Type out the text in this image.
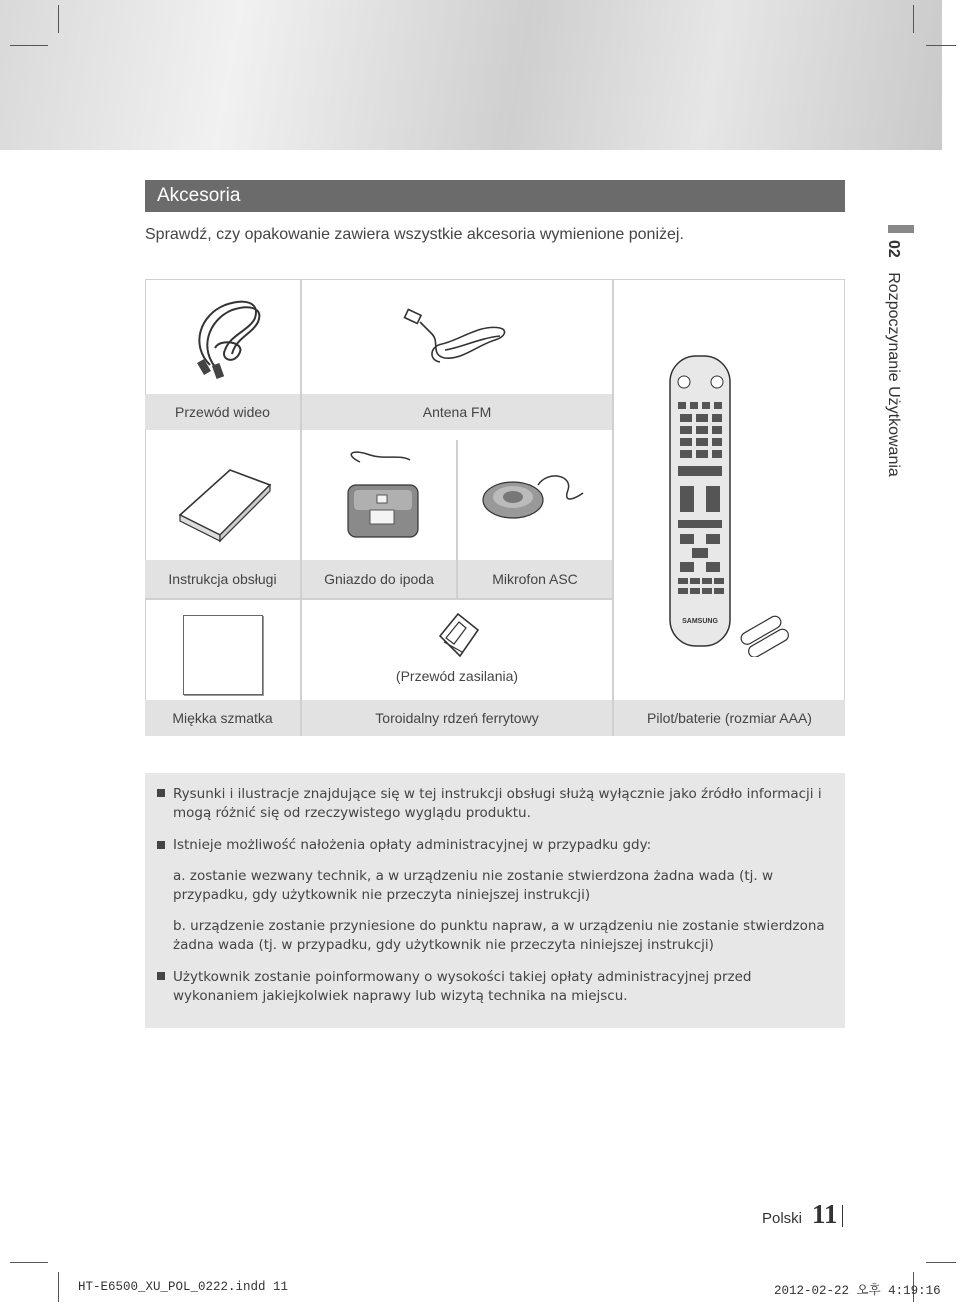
Akcesoria
Sprawdź, czy opakowanie zawiera wszystkie akcesoria wymienione poniżej.
02 Rozpoczynanie Użytkowania
Przewód wideo	Antena FM
Instrukcja obsługi	Gniazdo do ipoda	Mikrofon ASC
Miękka szmatka	Toroidalny rdzeń ferrytowy	Pilot/baterie (rozmiar AAA)
(Przewód zasilania)
SAMSUNG
Rysunki i ilustracje znajdujące się w tej instrukcji obsługi służą wyłącznie jako źródło informacji i mogą różnić się od rzeczywistego wyglądu produktu.
Istnieje możliwość nałożenia opłaty administracyjnej w przypadku gdy:
a. zostanie wezwany technik, a w urządzeniu nie zostanie stwierdzona żadna wada (tj. w przypadku, gdy użytkownik nie przeczyta niniejszej instrukcji)
b. urządzenie zostanie przyniesione do punktu napraw, a w urządzeniu nie zostanie stwierdzona żadna wada (tj. w przypadku, gdy użytkownik nie przeczyta niniejszej instrukcji)
Użytkownik zostanie poinformowany o wysokości takiej opłaty administracyjnej przed wykonaniem jakiejkolwiek naprawy lub wizytą technika na miejscu.
Polski 11
HT-E6500_XU_POL_0222.indd 11	2012-02-22 오후 4:19:16
